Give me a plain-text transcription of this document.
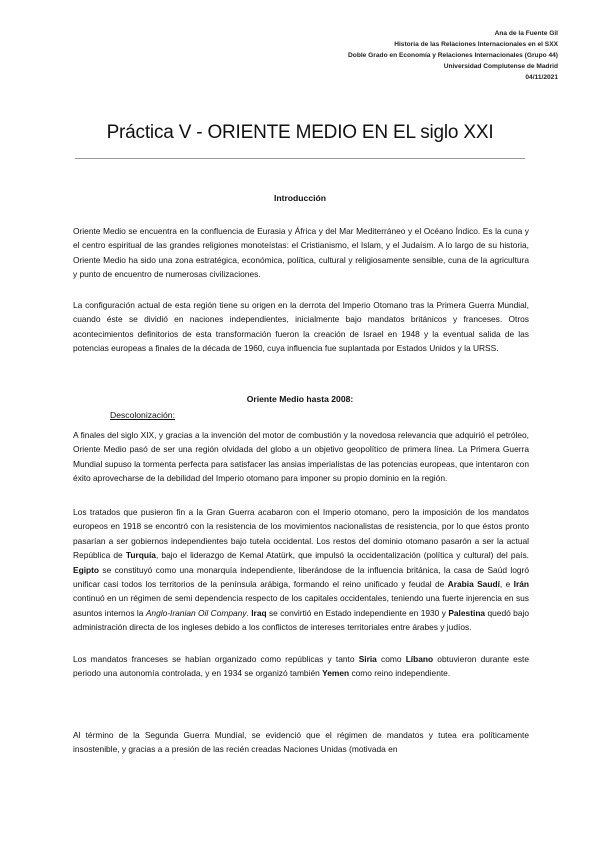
Ana de la Fuente Gil
Historia de las Relaciones Internacionales en el SXX
Doble Grado en Economía y Relaciones Internacionales (Grupo 44)
Universidad Complutense de Madrid
04/11/2021
Práctica V - ORIENTE MEDIO EN EL siglo XXI
Introducción
Oriente Medio se encuentra en la confluencia de Eurasia y África y del Mar Mediterráneo y el Océano Índico. Es la cuna y el centro espiritual de las grandes religiones monoteístas: el Cristianismo, el Islam, y el Judaísm. A lo largo de su historia, Oriente Medio ha sido una zona estratégica, económica, política, cultural y religiosamente sensible, cuna de la agricultura y punto de encuentro de numerosas civilizaciones.
La configuración actual de esta región tiene su origen en la derrota del Imperio Otomano tras la Primera Guerra Mundial, cuando éste se dividió en naciones independientes, inicialmente bajo mandatos británicos y franceses. Otros acontecimientos definitorios de esta transformación fueron la creación de Israel en 1948 y la eventual salida de las potencias europeas a finales de la década de 1960, cuya influencia fue suplantada por Estados Unidos y la URSS.
Oriente Medio hasta 2008:
Descolonización:
A finales del siglo XIX, y gracias a la invención del motor de combustión y la novedosa relevancia que adquirió el petróleo, Oriente Medio pasó de ser una región olvidada del globo a un objetivo geopolítico de primera línea. La Primera Guerra Mundial supuso la tormenta perfecta para satisfacer las ansias imperialistas de las potencias europeas, que intentaron con éxito aprovecharse de la debilidad del Imperio otomano para imponer su propio dominio en la región.
Los tratados que pusieron fin a la Gran Guerra acabaron con el Imperio otomano, pero la imposición de los mandatos europeos en 1918 se encontró con la resistencia de los movimientos nacionalistas de resistencia, por lo que éstos pronto pasarían a ser gobiernos independientes bajo tutela occidental. Los restos del dominio otomano pasarón a ser la actual República de Turquía, bajo el liderazgo de Kemal Atatürk, que impulsó la occidentalización (política y cultural) del país. Egipto se constituyó como una monarquía independiente, liberándose de la influencia británica, la casa de Saúd logró unificar casi todos los territorios de la península arábiga, formando el reino unificado y feudal de Arabia Saudí, e Irán continuó en un régimen de semi dependencia respecto de los capitales occidentales, teniendo una fuerte injerencia en sus asuntos internos la Anglo-Iranian Oil Company. Iraq se convirtió en Estado independiente en 1930 y Palestina quedó bajo administración directa de los ingleses debido a los conflictos de intereses territoriales entre árabes y judíos.
Los mandatos franceses se habían organizado como repúblicas y tanto Siria como Líbano obtuvieron durante este periodo una autonomía controlada, y en 1934 se organizó también Yemen como reino independiente.
Al término de la Segunda Guerra Mundial, se evidenció que el régimen de mandatos y tutea era políticamente insostenible, y gracias a a presión de las recién creadas Naciones Unidas (motivada en
